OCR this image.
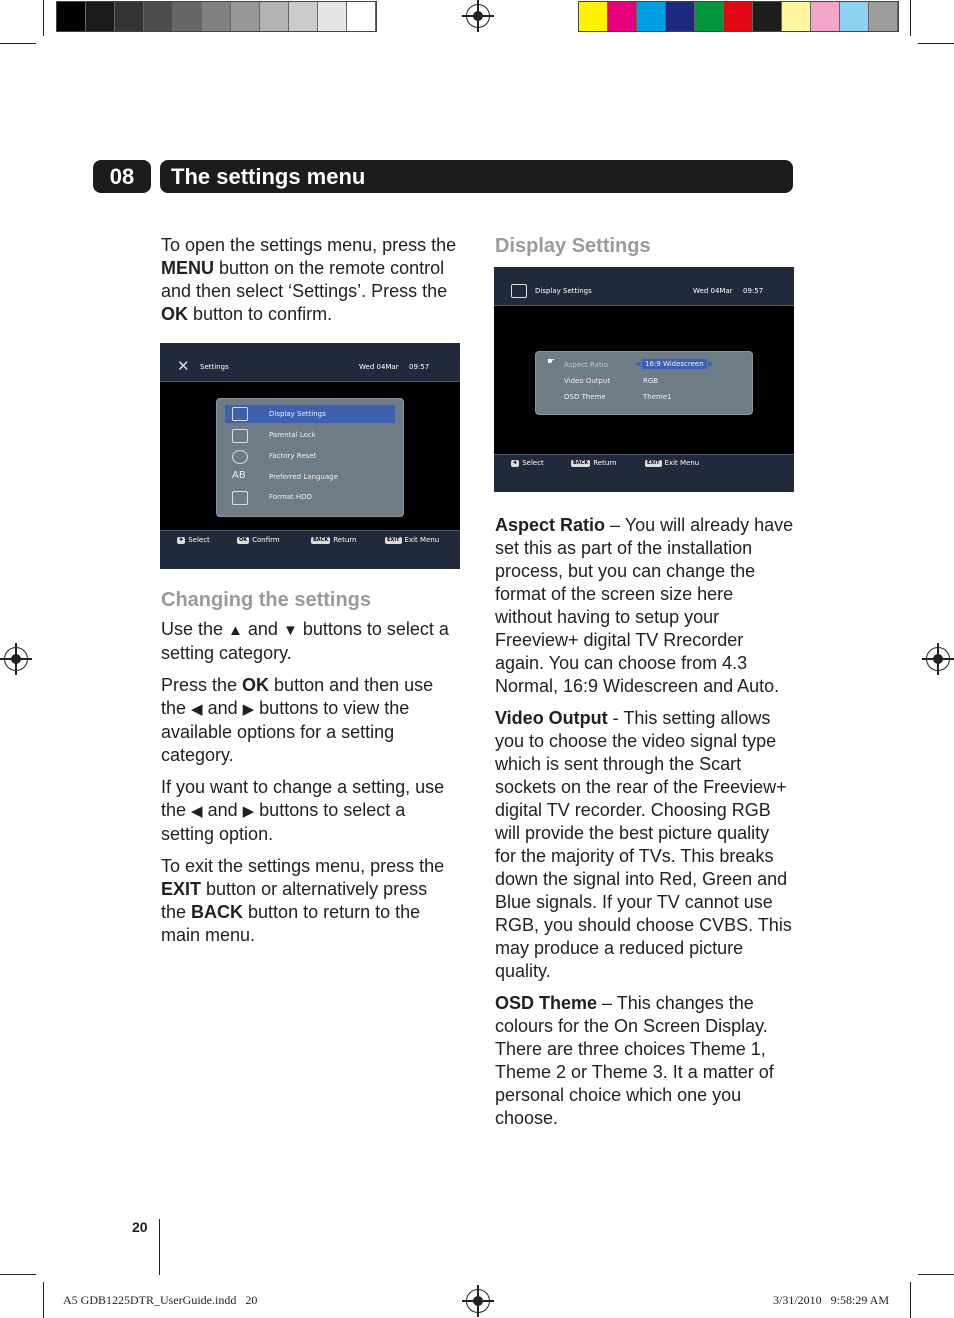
08	The settings menu

To open the settings menu, press the MENU button on the remote control and then select ‘Settings’. Press the OK button to confirm.

✕ Settings	Wed 04Mar 09:57
Display Settings
Parental Lock
Factory Reset
AB	Preferred Language
Format HDD
✚ Select	OK Confirm	BACK Return	EXIT Exit Menu
Changing the settings

Use the ▲ and ▼ buttons to select a setting category.

Press the OK button and then use the ◀ and ▶ buttons to view the available options for a setting category.

If you want to change a setting, use the ◀ and ▶ buttons to select a setting option.

To exit the settings menu, press the EXIT button or alternatively press the BACK button to return to the main menu.

Display Settings
Display Settings	Wed 04Mar 09:57
☛ Aspect Ratio	◀ 16:9 Widescreen ▶
Video Output	RGB
OSD Theme	Theme1
✚ Select	BACK Return	EXIT Exit Menu

Aspect Ratio – You will already have set this as part of the installation process, but you can change the format of the screen size here without having to setup your Freeview+ digital TV Rrecorder again. You can choose from 4.3 Normal, 16:9 Widescreen and Auto.

Video Output - This setting allows you to choose the video signal type which is sent through the Scart sockets on the rear of the Freeview+ digital TV recorder. Choosing RGB will provide the best picture quality for the majority of TVs. This breaks down the signal into Red, Green and Blue signals. If your TV cannot use RGB, you should choose CVBS. This may produce a reduced picture quality.

OSD Theme – This changes the colours for the On Screen Display. There are three choices Theme 1, Theme 2 or Theme 3. It a matter of personal choice which one you choose.

20
A5 GDB1225DTR_UserGuide.indd   20	3/31/2010   9:58:29 AM
